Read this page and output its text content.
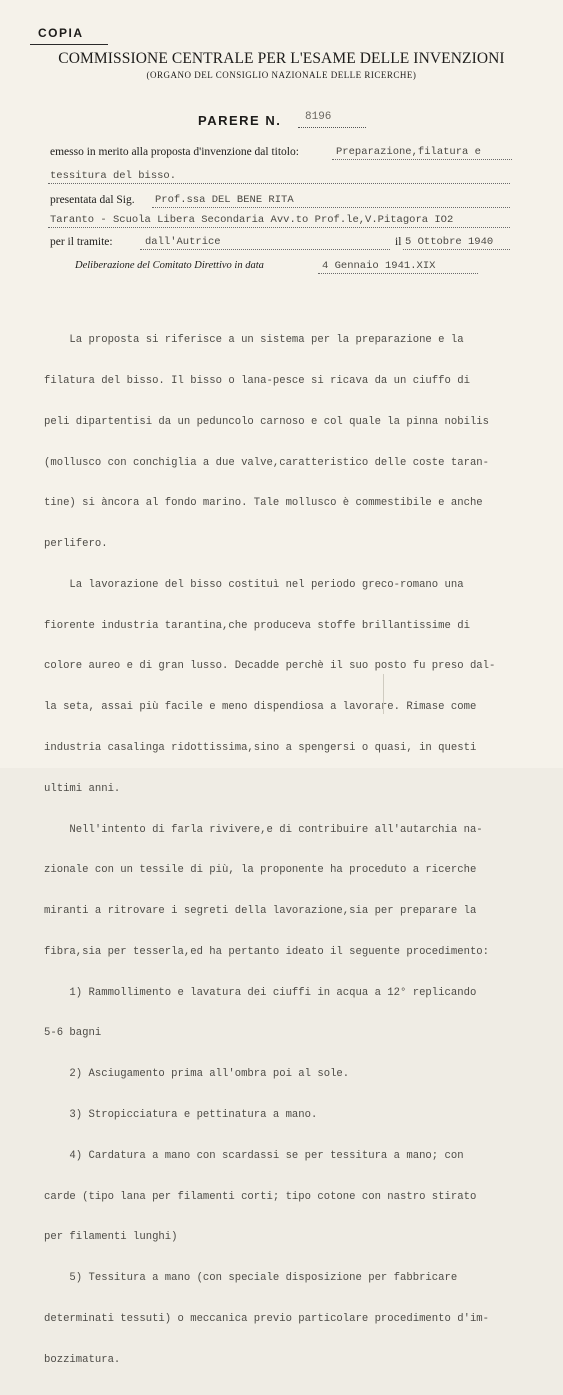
COPIA
COMMISSIONE CENTRALE PER L'ESAME DELLE INVENZIONI
(ORGANO DEL CONSIGLIO NAZIONALE DELLE RICERCHE)
PARERE N. 8196
emesso in merito alla proposta d'invenzione dal titolo:	Preparazione,filatura e
tessitura del bisso.
presentata dal Sig. Prof.ssa DEL BENE RITA
Taranto - Scuola Libera Secondaria Avv.to Prof.le,V.Pitagora IO2
per il tramite:	dall'Autrice	il 5 Ottobre 1940
Deliberazione del Comitato Direttivo in data	4 Gennaio 1941.XIX

La proposta si riferisce a un sistema per la preparazione e la

filatura del bisso. Il bisso o lana-pesce si ricava da un ciuffo di

peli dipartentisi da un peduncolo carnoso e col quale la pinna nobilis

(mollusco con conchiglia a due valve,caratteristico delle coste taran-

tine) si àncora al fondo marino. Tale mollusco è commestibile e anche

perlifero.

La lavorazione del bisso costituì nel periodo greco-romano una

fiorente industria tarantina,che produceva stoffe brillantissime di

colore aureo e di gran lusso. Decadde perchè il suo posto fu preso dal-

la seta, assai più facile e meno dispendiosa a lavorare. Rimase come

industria casalinga ridottissima,sino a spengersi o quasi, in questi

ultimi anni.

Nell'intento di farla rivivere,e di contribuire all'autarchia na-

zionale con un tessile di più, la proponente ha proceduto a ricerche

miranti a ritrovare i segreti della lavorazione,sia per preparare la

fibra,sia per tesserla,ed ha pertanto ideato il seguente procedimento:

1) Rammollimento e lavatura dei ciuffi in acqua a 12° replicando

5-6 bagni

2) Asciugamento prima all'ombra poi al sole.

3) Stropicciatura e pettinatura a mano.

4) Cardatura a mano con scardassi se per tessitura a mano; con

carde (tipo lana per filamenti corti; tipo cotone con nastro stirato

per filamenti lunghi)

5) Tessitura a mano (con speciale disposizione per fabbricare

determinati tessuti) o meccanica previo particolare procedimento d'im-

bozzimatura.
